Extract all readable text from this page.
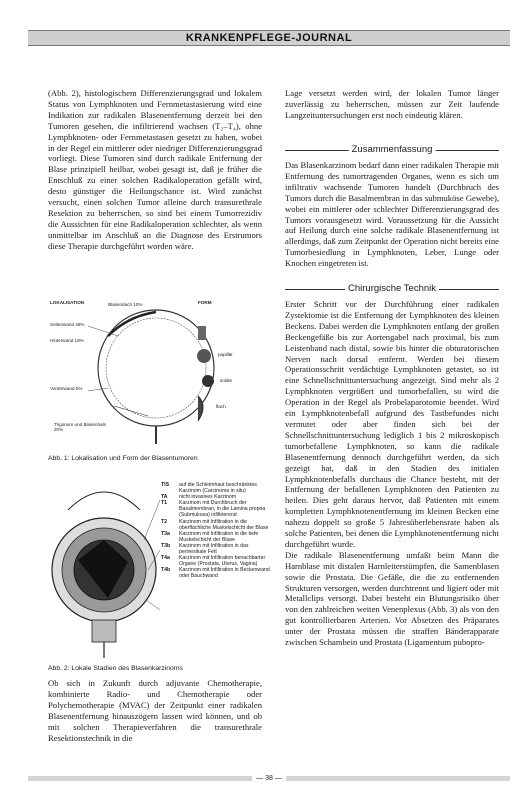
KRANKENPFLEGE-JOURNAL

(Abb. 2), histologischem Differenzierungsgrad und lokalem Status von Lymphknoten und Fernmetastasierung wird eine Indikation zur radikalen Blasenentfernung derzeit bei den Tumoren gesehen, die infiltrierend wachsen (T₂–T₄), ohne Lymphknoten- oder Fernmetastasen gesetzt zu haben, wobei in der Regel ein mittlerer oder niedriger Differenzierungsgrad vorliegt. Diese Tumoren sind durch radikale Entfernung der Blase prinzipiell heilbar, wobei gesagt ist, daß je früher die Entschluß zu einer solchen Radikaloperation gefällt wird, desto günstiger die Heilungschance ist. Wird zunächst versucht, einen solchen Tumor alleine durch transurethrale Resektion zu beherrschen, so sind bei einem Tumorrezidiv die Aussichten für eine Radikaloperation schlechter, als wenn unmittelbar im Anschluß an die Diagnose des Erstrumors diese Therapie durchgeführt worden wäre.

LOKALISATION	FORM
Seitenwand 48%
Hinterwand 18%
Vorderwand 5%
Blasendach 10%
Trigonum und Blasenhals 20%
papillär
solide
flach
Abb. 1: Lokalisation und Form der Blasentumoren
TIS	auf die Schleimhaut beschränktes Karzinom (Carcinoma in situ)
TA	nicht invasives Karzinom
T1	Karzinom mit Durchbruch der Basalmembran, in die Lamina propria (Submukosa) infiltrierend
T2	Karzinom mit Infiltration in die oberflächliche Muskelschicht der Blase
T3a	Karzinom mit Infiltration in die tiefe Muskelschicht der Blase
T3b	Karzinom mit Infiltration in das perivesikale Fett
T4a	Karzinom mit Infiltration benachbarter Organe (Prostata, Uterus, Vagina)
T4b	Karzinom mit Infiltration in Beckenwand oder Bauchwand
Abb. 2: Lokale Stadien des Blasenkarzinoms

Ob sich in Zukunft durch adjuvante Chemotherapie, kombinierte Radio- und Chemotherapie oder Polychemotherapie (MVAC) der Zeitpunkt einer radikalen Blasenentfernung hinauszögern lassen wird können, und ob mit solchen Therapieverfahren die transurethrale Resektionstechnik in die

Lage versetzt werden wird, der lokalen Tumor länger zuverlässig zu beherrschen, müssen zur Zeit laufende Langzeituntersuchungen erst noch eindeutig klären.

Zusammenfassung

Das Blasenkarzinom bedarf dann einer radikalen Therapie mit Entfernung des tumortragenden Organes, wenn es sich um infiltrativ wachsende Tumoren handelt (Durchbruch des Tumors durch die Basalmembran in das submuköse Gewebe), wobei ein mittlerer oder schlechter Differenzierungsgrad des Tumors vorausgesetzt wird. Voraussetzung für die Aussicht auf Heilung durch eine solche radikale Blasenentfernung ist allerdings, daß zum Zeitpunkt der Operation nicht bereits eine Tumorbesiedlung in Lymphknoten, Leber, Lunge oder Knochen eingetreten ist.

Chirurgische Technik

Erster Schritt vor der Durchführung einer radikalen Zystektomie ist die Entfernung der Lymphknoten des kleinen Beckens. Dabei werden die Lymphknoten entlang der großen Beckengefäße bis zur Aortengabel nach proximal, bis zum Leistenband nach distal, sowie bis hinter die obturatorischen Nerven nach dorsal entfernt. Werden bei diesem Operationsschritt verdächtige Lymphknoten getastet, so ist eine Schnellschnittuntersuchung angezeigt. Sind mehr als 2 Lymphknoten vergrößert und tumorbefallen, so wird die Operation in der Regel als Probelaparotomie beendet. Wird ein Lymphknotenbefall aufgrund des Tastbefundes nicht vermutet oder aber finden sich bei der Schnellschnittuntersuchung lediglich 1 bis 2 mikroskopisch tumorbefallene Lymphknoten, so kann die radikale Blasenentfernung dennoch durchgeführt werden, da sich gezeigt hat, daß in den Stadien des initialen Lymphknotenbefalls durchaus die Chance besteht, mit der Entfernung der befallenen Lymphknoten den Patienten zu heilen. Dies geht daraus hervor, daß Patienten mit einem kompletten Lymphknotenentfernung im kleinen Becken eine nahezu doppelt so große 5 Jahresüberlebensrate haben als solche Patienten, bei denen die Lymphknotenentfernung nicht durchgeführt wurde.

Die radikale Blasenentfernung umfaßt beim Mann die Harnblase mit distalen Harnleiterstümpfen, die Samenblasen sowie die Prostata. Die Gefäße, die die zu entfernenden Strukturen versorgen, werden durchtrennt und ligiert oder mit Metallclips versorgt. Dabei besteht ein Blutungsrisiko über von den zahlreichen weiten Venenplexus (Abb. 3) als von den gut kontrollierbaren Arterien. Vor Absetzen des Präparates unter der Prostata müssen die straffen Bänderapparate zwischen Schambein und Prostata (Ligamentum pubopro-

— 38 —
